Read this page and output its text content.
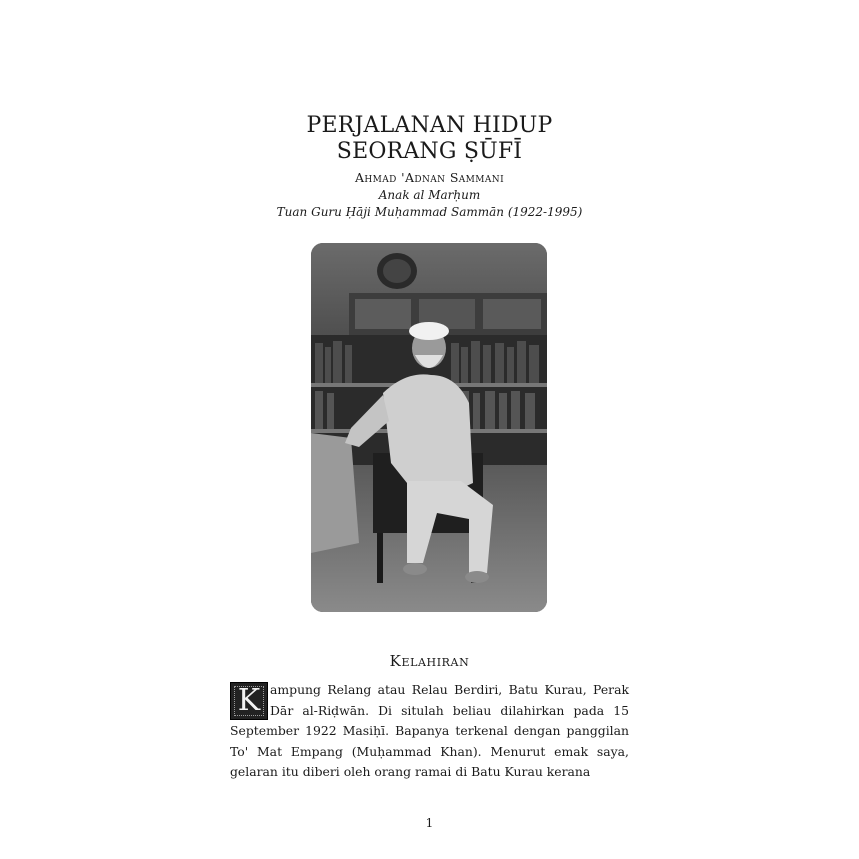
PERJALANAN HIDUP
SEORANG ṢŪFĪ
Ahmad 'Adnan Sammani
Anak al Marḥum
Tuan Guru Ḥāji Muḥammad Sammān (1922-1995)
Kelahiran

K ampung Relang atau Relau Berdiri, Batu Kurau, Perak Dār al-Riḍwān. Di situlah beliau dilahirkan pada 15 September 1922 Masiḥī. Bapanya terkenal dengan panggilan To' Mat Empang (Muḥammad Khan). Menurut emak saya, gelaran itu diberi oleh orang ramai di Batu Kurau kerana

1
